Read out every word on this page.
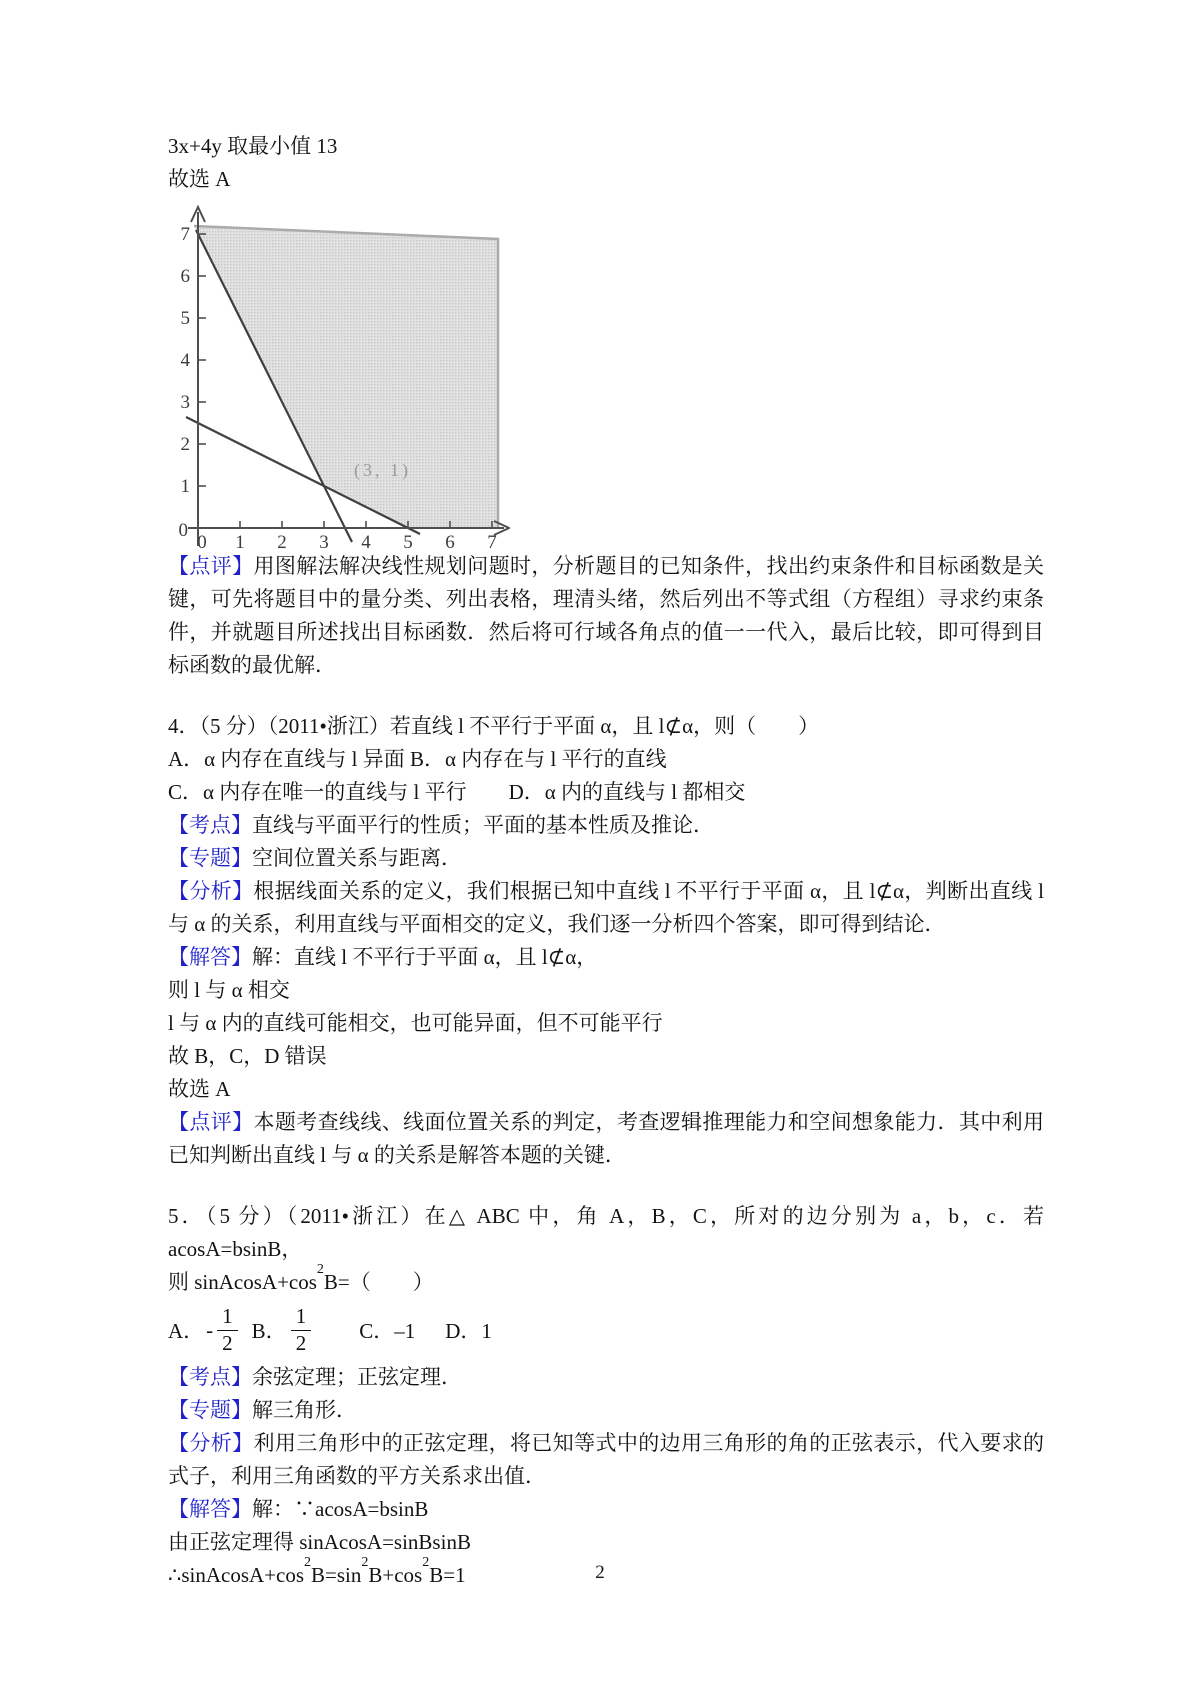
3x+4y 取最小值 13

故选 A

7
6
5
4
3
2
1
0
0 1 2 3 4 5 6 7
(3, 1)

【点评】用图解法解决线性规划问题时，分析题目的已知条件，找出约束条件和目标函数是关键，可先将题目中的量分类、列出表格，理清头绪，然后列出不等式组（方程组）寻求约束条件，并就题目所述找出目标函数．然后将可行域各角点的值一一代入，最后比较，即可得到目标函数的最优解．

4．（5 分）（2011•浙江）若直线 l 不平行于平面 α，且 l⊄α，则（　　）

A．α 内存在直线与 l 异面 B．α 内存在与 l 平行的直线

C．α 内存在唯一的直线与 l 平行　　D．α 内的直线与 l 都相交

【考点】直线与平面平行的性质；平面的基本性质及推论．

【专题】空间位置关系与距离．

【分析】根据线面关系的定义，我们根据已知中直线 l 不平行于平面 α，且 l⊄α，判断出直线 l 与 α 的关系，利用直线与平面相交的定义，我们逐一分析四个答案，即可得到结论．

【解答】解：直线 l 不平行于平面 α，且 l⊄α，

则 l 与 α 相交

l 与 α 内的直线可能相交，也可能异面，但不可能平行

故 B，C，D 错误

故选 A

【点评】本题考查线线、线面位置关系的判定，考查逻辑推理能力和空间想象能力．其中利用已知判断出直线 l 与 α 的关系是解答本题的关键．

5．（5 分）（2011•浙江）在△ ABC 中，角 A，B，C，所对的边分别为 a，b，c．若 acosA=bsinB，

则 $sinAcosA+\cos^2B=$（　　）

A． - $\frac{1}{2}$ B． $\frac{1}{2}$ C．–1 D．1

【考点】余弦定理；正弦定理．

【专题】解三角形．

【分析】利用三角形中的正弦定理，将已知等式中的边用三角形的角的正弦表示，代入要求的式子，利用三角函数的平方关系求出值．

【解答】解：∵acosA=bsinB

由正弦定理得 sinAcosA=sinBsinB

$\therefore sinAcosA+\cos^2B=\sin^2B+\cos^2B=1$	2
